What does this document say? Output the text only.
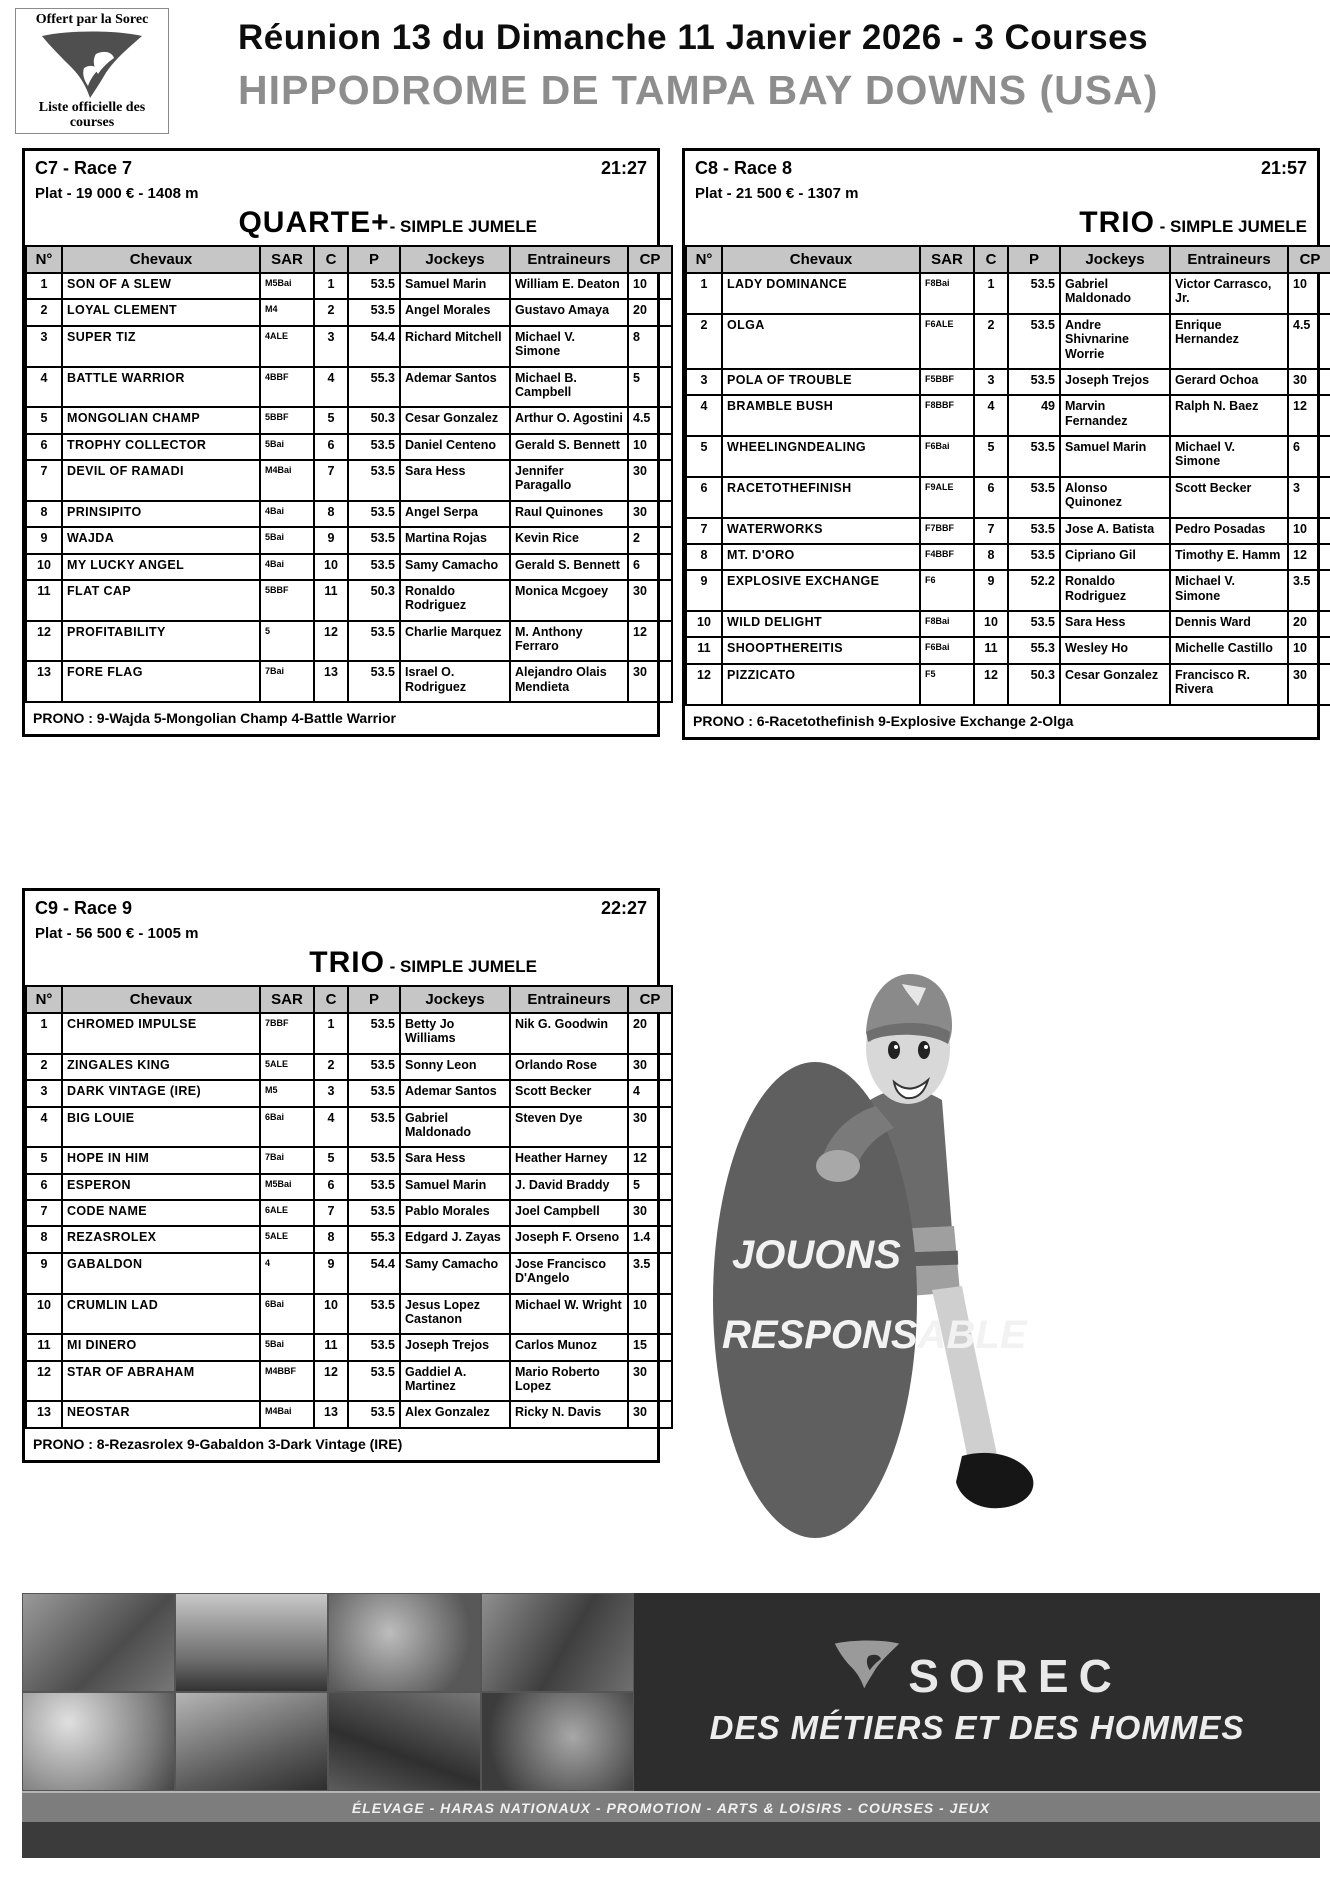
Offert par la Sorec
Liste officielle des courses
Réunion 13 du Dimanche 11 Janvier 2026 - 3 Courses
HIPPODROME DE TAMPA BAY DOWNS (USA)
C7 - Race 7	21:27
Plat - 19 000 € - 1408 m
QUARTE+- SIMPLE JUMELE
N°	Chevaux	SAR	C	P	Jockeys	Entraineurs	CP
1	SON OF A SLEW	M5Bai	1	53.5	Samuel Marin	William E. Deaton	10
2	LOYAL CLEMENT	M4	2	53.5	Angel Morales	Gustavo Amaya	20
3	SUPER TIZ	4ALE	3	54.4	Richard Mitchell	Michael V. Simone	8
4	BATTLE WARRIOR	4BBF	4	55.3	Ademar Santos	Michael B. Campbell	5
5	MONGOLIAN CHAMP	5BBF	5	50.3	Cesar Gonzalez	Arthur O. Agostini	4.5
6	TROPHY COLLECTOR	5Bai	6	53.5	Daniel Centeno	Gerald S. Bennett	10
7	DEVIL OF RAMADI	M4Bai	7	53.5	Sara Hess	Jennifer Paragallo	30
8	PRINSIPITO	4Bai	8	53.5	Angel Serpa	Raul Quinones	30
9	WAJDA	5Bai	9	53.5	Martina Rojas	Kevin Rice	2
10	MY LUCKY ANGEL	4Bai	10	53.5	Samy Camacho	Gerald S. Bennett	6
11	FLAT CAP	5BBF	11	50.3	Ronaldo Rodriguez	Monica Mcgoey	30
12	PROFITABILITY	5	12	53.5	Charlie Marquez	M. Anthony Ferraro	12
13	FORE FLAG	7Bai	13	53.5	Israel O. Rodriguez	Alejandro Olais Mendieta	30
PRONO : 9-Wajda 5-Mongolian Champ 4-Battle Warrior
C8 - Race 8	21:57
Plat - 21 500 € - 1307 m
TRIO - SIMPLE JUMELE
N°	Chevaux	SAR	C	P	Jockeys	Entraineurs	CP
1	LADY DOMINANCE	F8Bai	1	53.5	Gabriel Maldonado	Victor Carrasco, Jr.	10
2	OLGA	F6ALE	2	53.5	Andre Shivnarine Worrie	Enrique Hernandez	4.5
3	POLA OF TROUBLE	F5BBF	3	53.5	Joseph Trejos	Gerard Ochoa	30
4	BRAMBLE BUSH	F8BBF	4	49	Marvin Fernandez	Ralph N. Baez	12
5	WHEELINGNDEALING	F6Bai	5	53.5	Samuel Marin	Michael V. Simone	6
6	RACETOTHEFINISH	F9ALE	6	53.5	Alonso Quinonez	Scott Becker	3
7	WATERWORKS	F7BBF	7	53.5	Jose A. Batista	Pedro Posadas	10
8	MT. D'ORO	F4BBF	8	53.5	Cipriano Gil	Timothy E. Hamm	12
9	EXPLOSIVE EXCHANGE	F6	9	52.2	Ronaldo Rodriguez	Michael V. Simone	3.5
10	WILD DELIGHT	F8Bai	10	53.5	Sara Hess	Dennis Ward	20
11	SHOOPTHEREITIS	F6Bai	11	55.3	Wesley Ho	Michelle Castillo	10
12	PIZZICATO	F5	12	50.3	Cesar Gonzalez	Francisco R. Rivera	30
PRONO : 6-Racetothefinish 9-Explosive Exchange 2-Olga
C9 - Race 9	22:27
Plat - 56 500 € - 1005 m
TRIO - SIMPLE JUMELE
N°	Chevaux	SAR	C	P	Jockeys	Entraineurs	CP
1	CHROMED IMPULSE	7BBF	1	53.5	Betty Jo Williams	Nik G. Goodwin	20
2	ZINGALES KING	5ALE	2	53.5	Sonny Leon	Orlando Rose	30
3	DARK VINTAGE (IRE)	M5	3	53.5	Ademar Santos	Scott Becker	4
4	BIG LOUIE	6Bai	4	53.5	Gabriel Maldonado	Steven Dye	30
5	HOPE IN HIM	7Bai	5	53.5	Sara Hess	Heather Harney	12
6	ESPERON	M5Bai	6	53.5	Samuel Marin	J. David Braddy	5
7	CODE NAME	6ALE	7	53.5	Pablo Morales	Joel Campbell	30
8	REZASROLEX	5ALE	8	55.3	Edgard J. Zayas	Joseph F. Orseno	1.4
9	GABALDON	4	9	54.4	Samy Camacho	Jose Francisco D'Angelo	3.5
10	CRUMLIN LAD	6Bai	10	53.5	Jesus Lopez Castanon	Michael W. Wright	10
11	MI DINERO	5Bai	11	53.5	Joseph Trejos	Carlos Munoz	15
12	STAR OF ABRAHAM	M4BBF	12	53.5	Gaddiel A. Martinez	Mario Roberto Lopez	30
13	NEOSTAR	M4Bai	13	53.5	Alex Gonzalez	Ricky N. Davis	30
PRONO : 8-Rezasrolex 9-Gabaldon 3-Dark Vintage (IRE)
JOUONS
RESPONSABLE
SOREC
DES MÉTIERS ET DES HOMMES
ÉLEVAGE - HARAS NATIONAUX - PROMOTION - ARTS & LOISIRS - COURSES - JEUX
